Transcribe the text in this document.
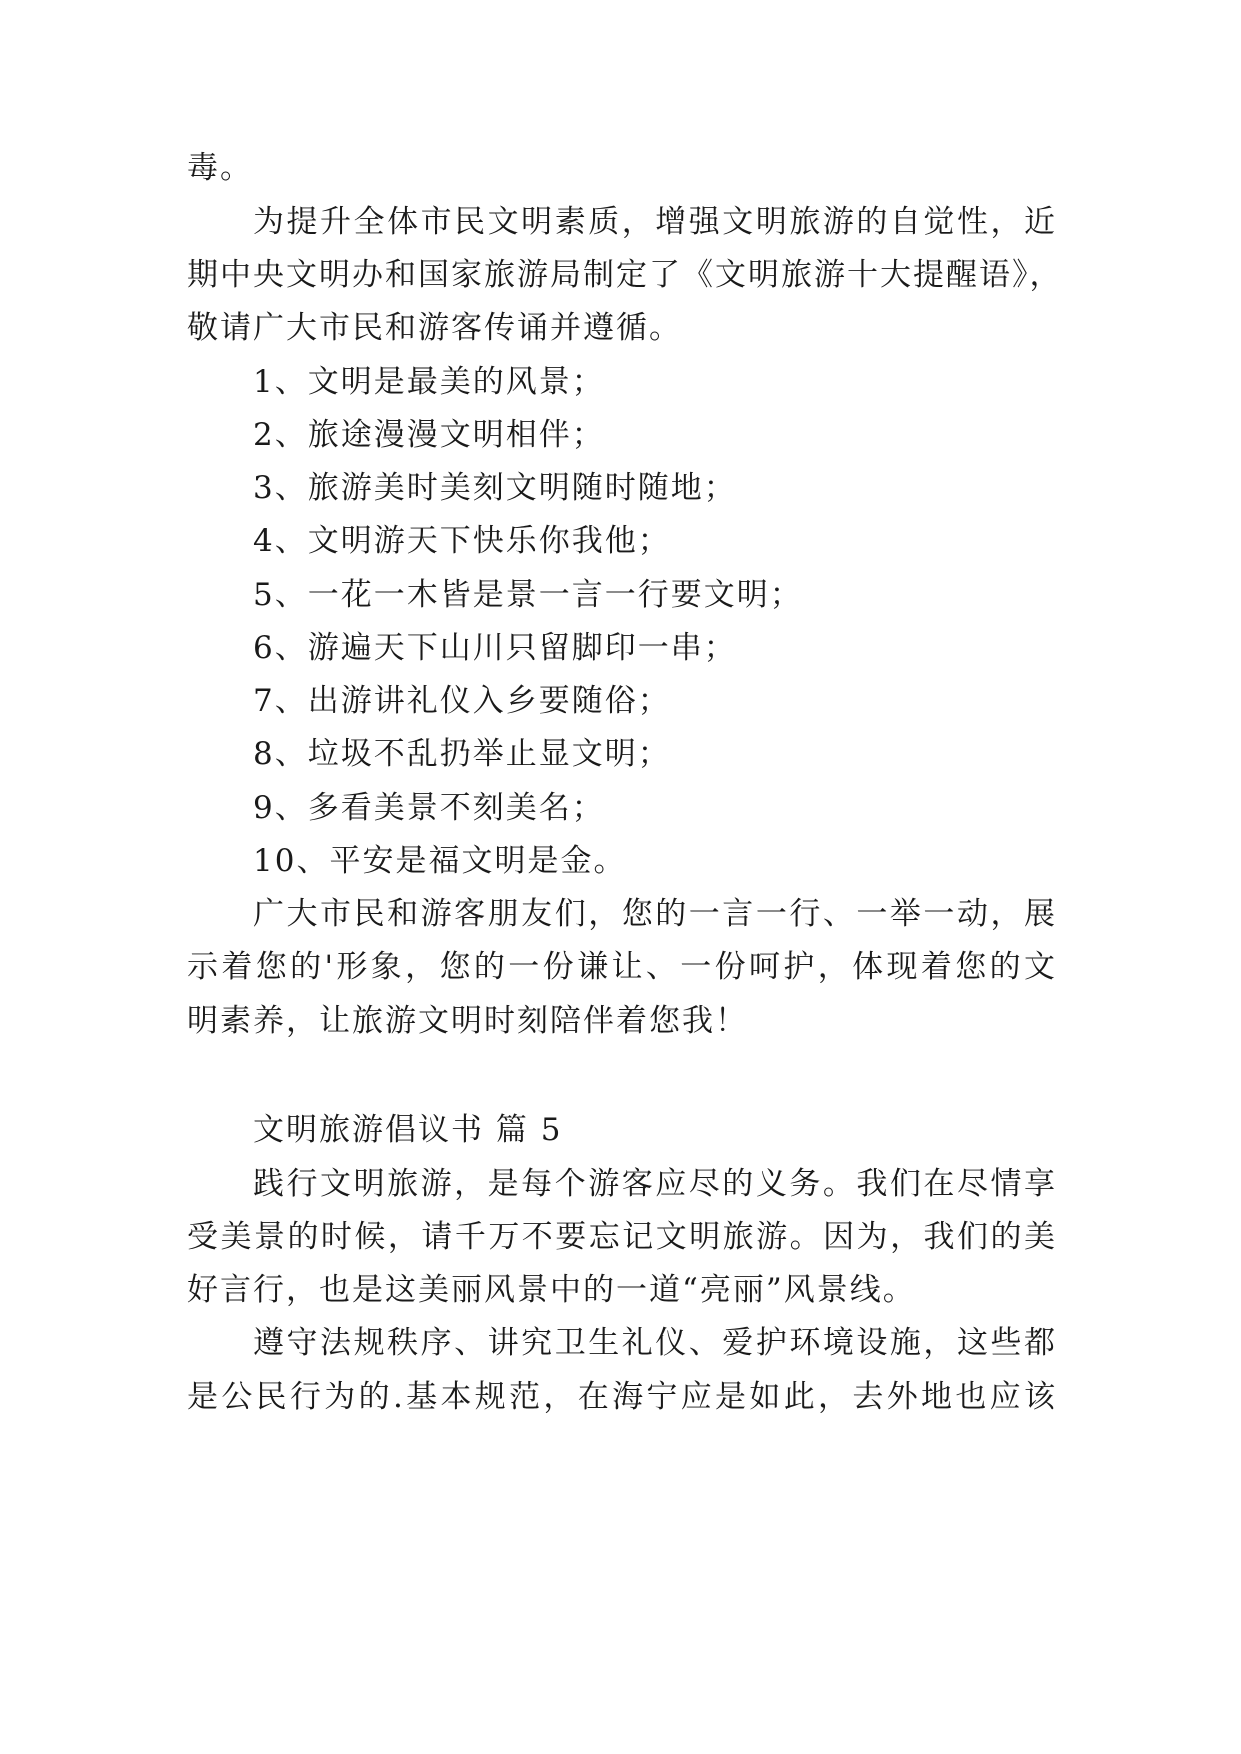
毒。

为提升全体市民文明素质，增强文明旅游的自觉性，近

期中央文明办和国家旅游局制定了《文明旅游十大提醒语》，

敬请广大市民和游客传诵并遵循。

1、文明是最美的风景；

2、旅途漫漫文明相伴；

3、旅游美时美刻文明随时随地；

4、文明游天下快乐你我他；

5、一花一木皆是景一言一行要文明；

6、游遍天下山川只留脚印一串；

7、出游讲礼仪入乡要随俗；

8、垃圾不乱扔举止显文明；

9、多看美景不刻美名；

10、平安是福文明是金。

广大市民和游客朋友们，您的一言一行、一举一动，展

示着您的'形象，您的一份谦让、一份呵护，体现着您的文

明素养，让旅游文明时刻陪伴着您我！

文明旅游倡议书 篇 5

践行文明旅游，是每个游客应尽的义务。我们在尽情享

受美景的时候，请千万不要忘记文明旅游。因为，我们的美

好言行，也是这美丽风景中的一道“亮丽”风景线。

遵守法规秩序、讲究卫生礼仪、爱护环境设施，这些都

是公民行为的.基本规范，在海宁应是如此，去外地也应该
